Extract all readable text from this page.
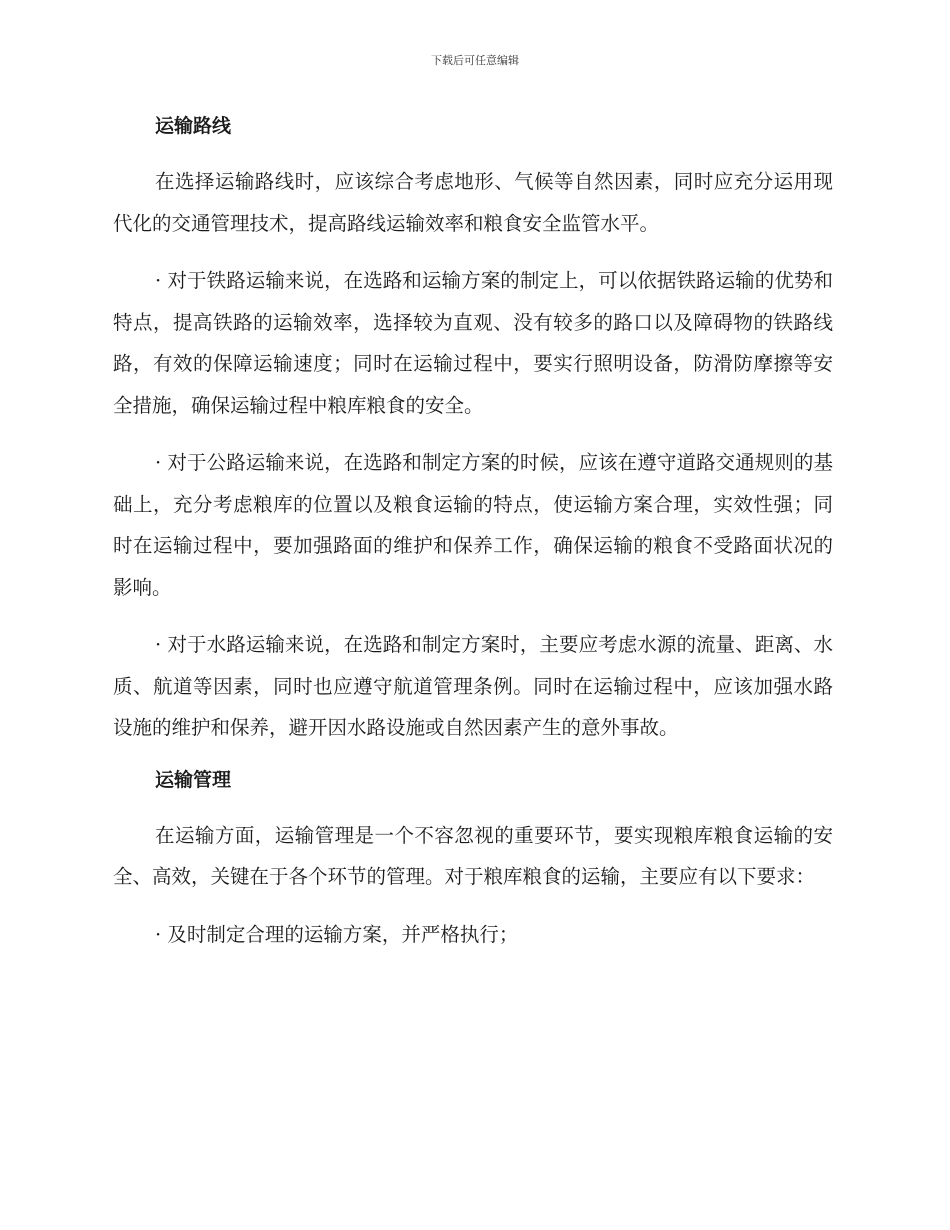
下载后可任意编辑
运输路线

在选择运输路线时，应该综合考虑地形、气候等自然因素，同时应充分运用现代化的交通管理技术，提高路线运输效率和粮食安全监管水平。

· 对于铁路运输来说，在选路和运输方案的制定上，可以依据铁路运输的优势和特点，提高铁路的运输效率，选择较为直观、没有较多的路口以及障碍物的铁路线路，有效的保障运输速度；同时在运输过程中，要实行照明设备，防滑防摩擦等安全措施，确保运输过程中粮库粮食的安全。

· 对于公路运输来说，在选路和制定方案的时候，应该在遵守道路交通规则的基础上，充分考虑粮库的位置以及粮食运输的特点，使运输方案合理，实效性强；同时在运输过程中，要加强路面的维护和保养工作，确保运输的粮食不受路面状况的影响。

· 对于水路运输来说，在选路和制定方案时，主要应考虑水源的流量、距离、水质、航道等因素，同时也应遵守航道管理条例。同时在运输过程中，应该加强水路设施的维护和保养，避开因水路设施或自然因素产生的意外事故。

运输管理

在运输方面，运输管理是一个不容忽视的重要环节，要实现粮库粮食运输的安全、高效，关键在于各个环节的管理。对于粮库粮食的运输，主要应有以下要求：

· 及时制定合理的运输方案，并严格执行；
